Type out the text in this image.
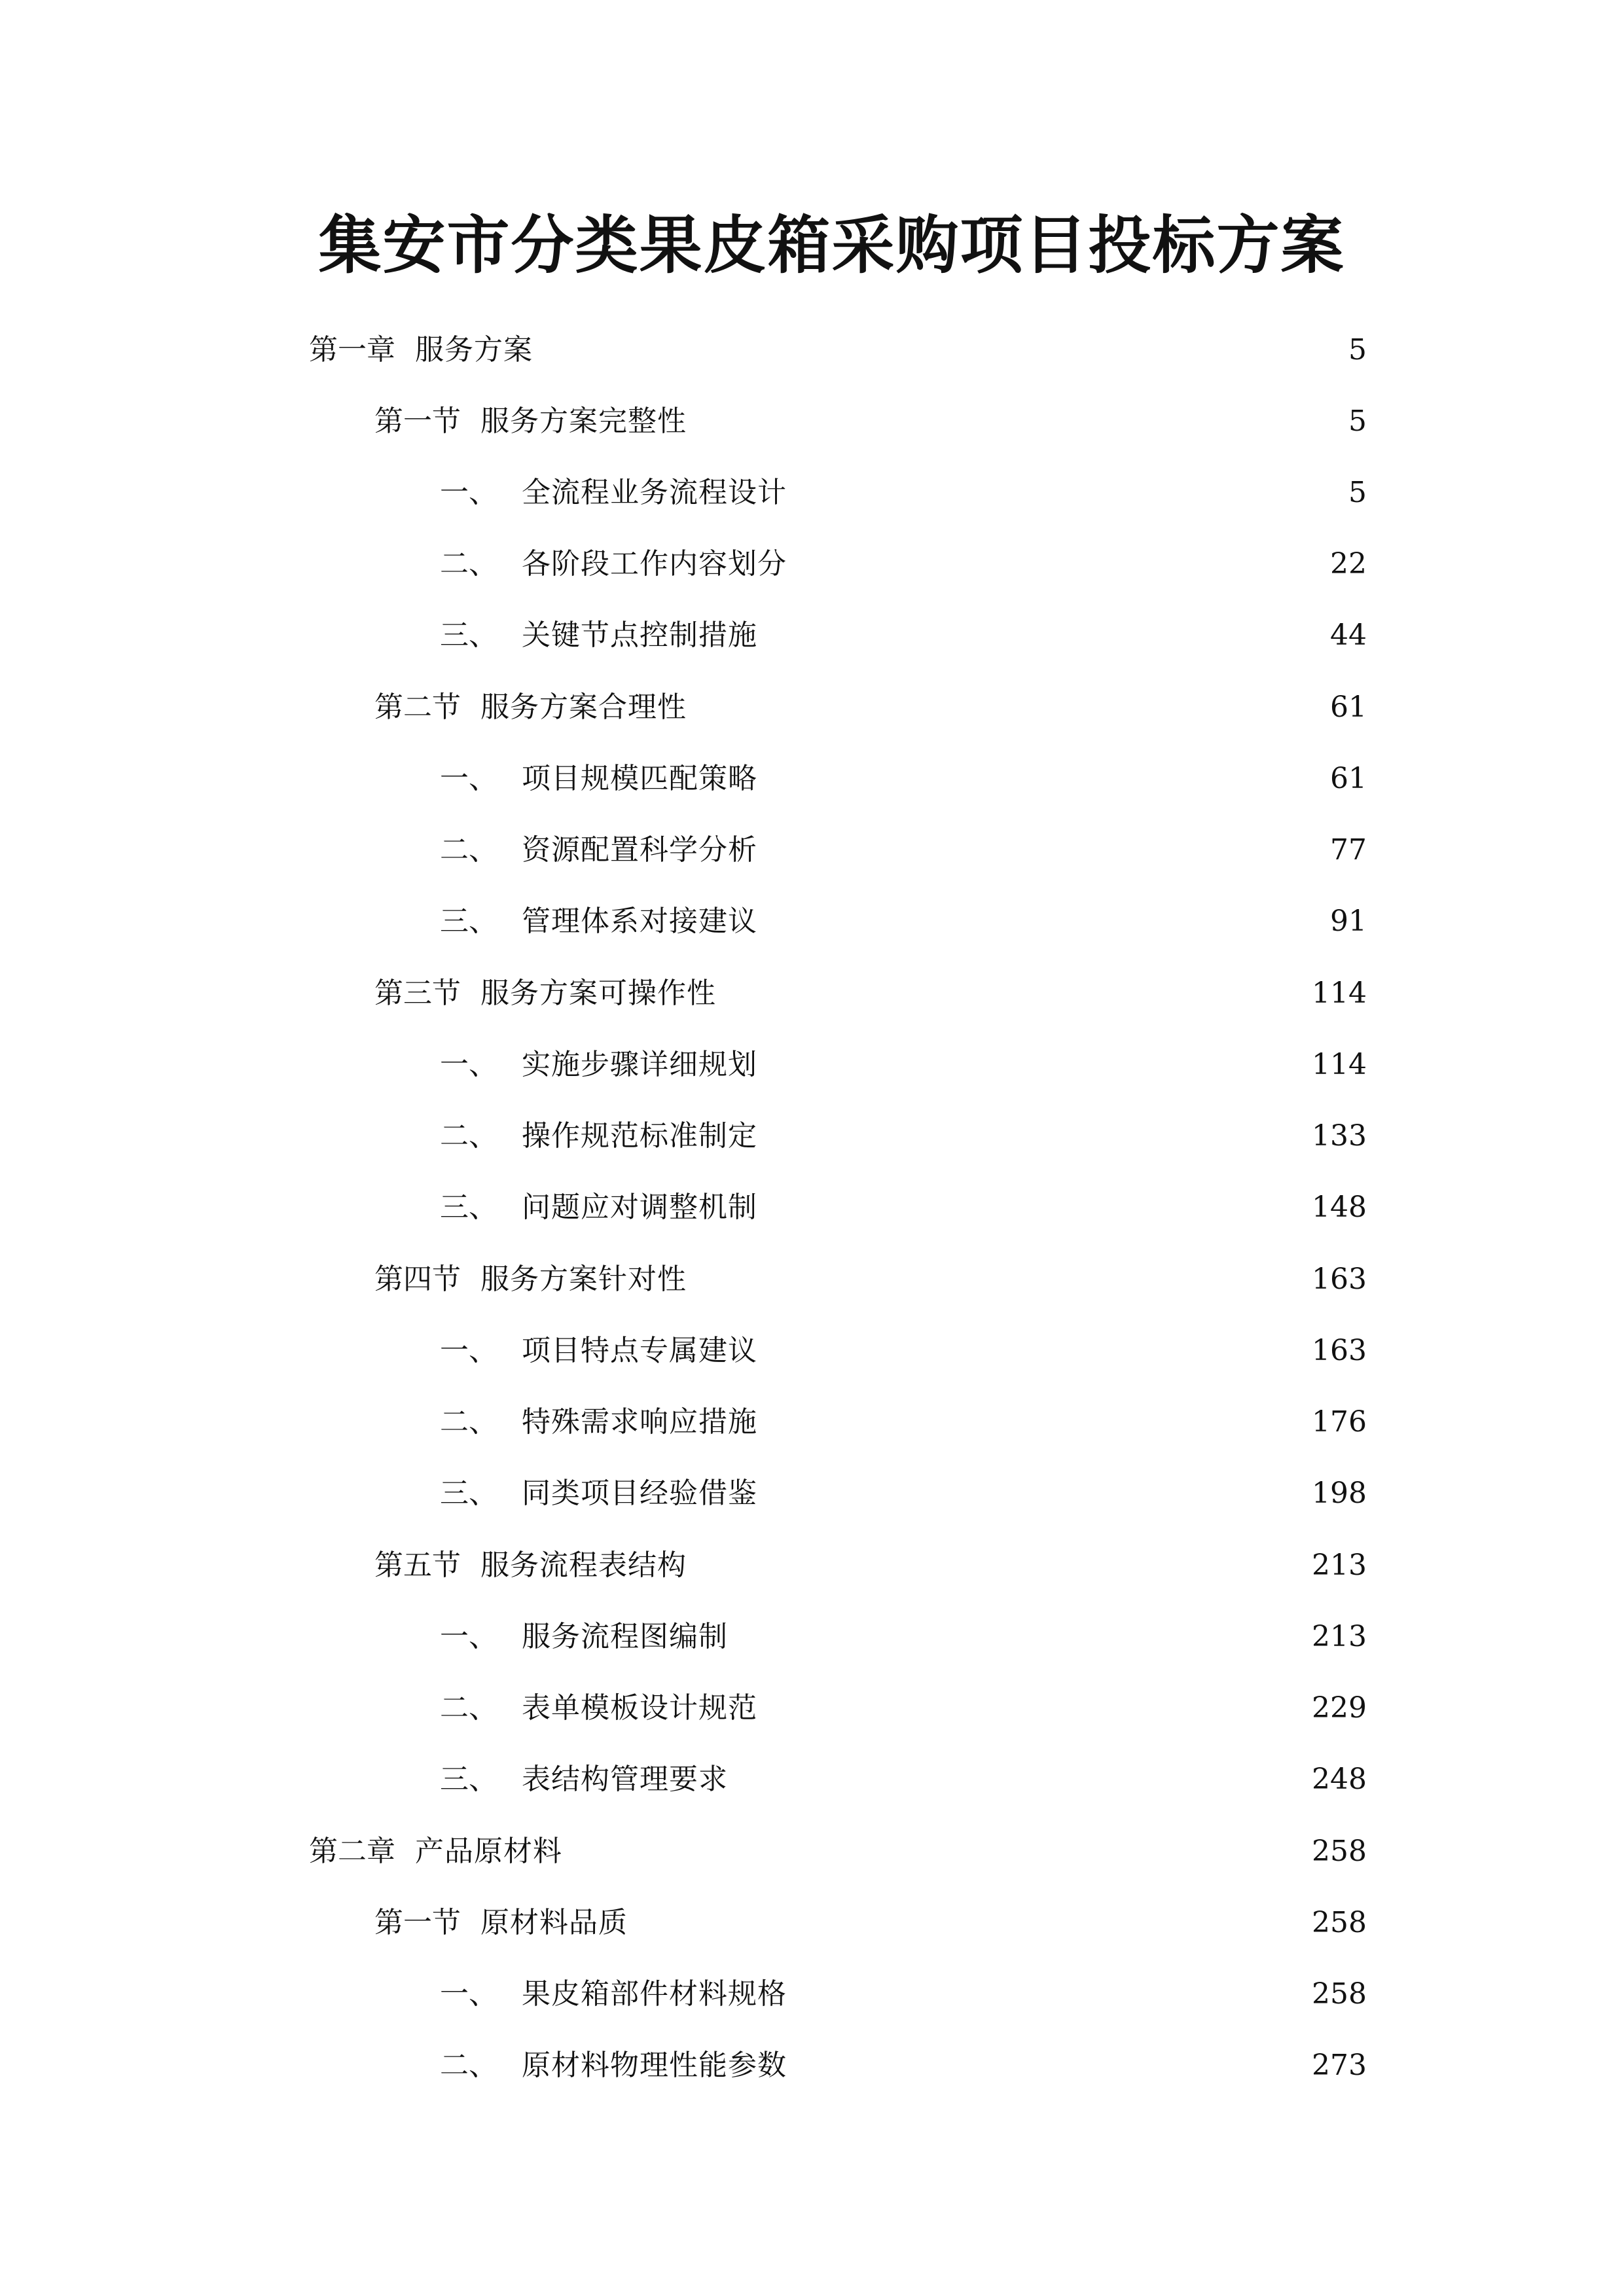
集安市分类果皮箱采购项目投标方案
第一章 服务方案	5
第一节 服务方案完整性	5
一、 全流程业务流程设计	5
二、 各阶段工作内容划分	22
三、 关键节点控制措施	44
第二节 服务方案合理性	61
一、 项目规模匹配策略	61
二、 资源配置科学分析	77
三、 管理体系对接建议	91
第三节 服务方案可操作性	114
一、 实施步骤详细规划	114
二、 操作规范标准制定	133
三、 问题应对调整机制	148
第四节 服务方案针对性	163
一、 项目特点专属建议	163
二、 特殊需求响应措施	176
三、 同类项目经验借鉴	198
第五节 服务流程表结构	213
一、 服务流程图编制	213
二、 表单模板设计规范	229
三、 表结构管理要求	248
第二章 产品原材料	258
第一节 原材料品质	258
一、 果皮箱部件材料规格	258
二、 原材料物理性能参数	273
